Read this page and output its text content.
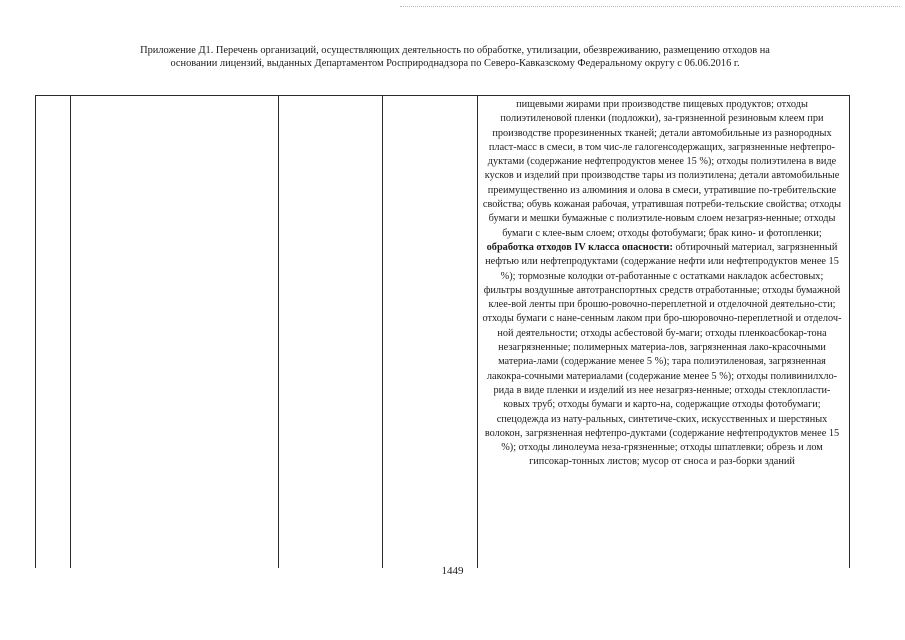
Приложение Д1. Перечень организаций, осуществляющих деятельность по обработке, утилизации, обезвреживанию, размещению отходов на
основании лицензий, выданных Департаментом Росприроднадзора по Северо-Кавказскому Федеральному округу с 06.06.2016 г.
пищевыми жирами при производстве пищевых продуктов; отходы полиэтиленовой пленки (подложки), за-грязненной резиновым клеем при производстве прорезиненных тканей; детали автомобильные из разнородных пласт-масс в смеси, в том чис-ле галогенсодержащих, загрязненные нефтепро-дуктами (содержание нефтепродуктов менее 15 %); отходы полиэтилена в виде кусков и изделий при производстве тары из полиэтилена; детали автомобильные преимущественно из алюминия и олова в смеси, утратившие по-требительские свойства; обувь кожаная рабочая, утратившая потреби-тельские свойства; отходы бумаги и мешки бумажные с полиэтиле-новым слоем незагряз-ненные; отходы бумаги с клее-вым слоем; отходы фотобумаги; брак кино- и фотопленки; обработка отходов IV класса опасности: обтирочный материал, загрязненный нефтью или нефтепродуктами (содержание нефти или нефтепродуктов менее 15 %); тормозные колодки от-работанные с остатками накладок асбестовых; фильтры воздушные автотранспортных средств отработанные; отходы бумажной клее-вой ленты при брошю-ровочно-переплетной и отделочной деятельно-сти; отходы бумаги с нане-сенным лаком при бро-шюровочно-переплетной и отделоч-ной деятельности; отходы асбестовой бу-маги; отходы пленкоасбокар-тона незагрязненные; полимерных материа-лов, загрязненная лако-красочными материа-лами (содержание менее 5 %); тара полиэтиленовая, загрязненная лакокра-сочными материалами (содержание менее 5 %); отходы поливинилхло-рида в виде пленки и изделий из нее незагряз-ненные; отходы стеклопласти-ковых труб; отходы бумаги и карто-на, содержащие отходы фотобумаги; спецодежда из нату-ральных, синтетиче-ских, искусственных и шерстяных волокон, загрязненная нефтепро-дуктами (содержание нефтепродуктов менее 15 %); отходы линолеума неза-грязненные; отходы шпатлевки; обрезь и лом гипсокар-тонных листов; мусор от сноса и раз-борки зданий
1449
